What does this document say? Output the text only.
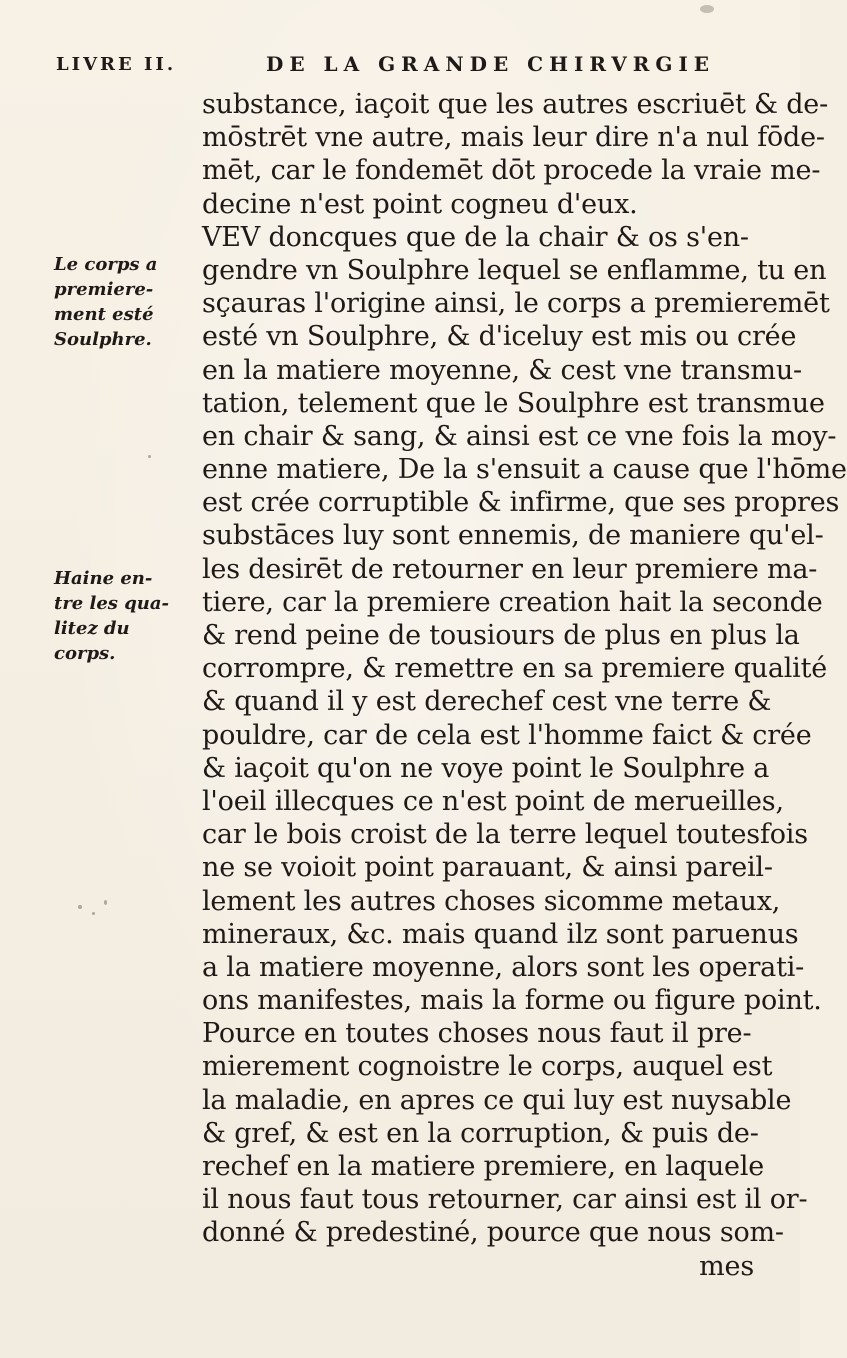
LIVRE II.	DE LA GRANDE CHIRVRGIE
Le corps a
premiere-
ment esté
Soulphre.
Haine en-
tre les qua-
litez du
corps.
substance, iaçoit que les autres escriuēt & de-
mōstrēt vne autre, mais leur dire n'a nul fōde-
mēt, car le fondemēt dōt procede la vraie me-
decine n'est point cogneu d'eux.
VEV doncques que de la chair & os s'en-
gendre vn Soulphre lequel se enflamme, tu en
sçauras l'origine ainsi, le corps a premieremēt
esté vn Soulphre, & d'iceluy est mis ou crée
en la matiere moyenne, & cest vne transmu-
tation, telement que le Soulphre est transmue
en chair & sang, & ainsi est ce vne fois la moy-
enne matiere, De la s'ensuit a cause que l'hōme
est crée corruptible & infirme, que ses propres
substāces luy sont ennemis, de maniere qu'el-
les desirēt de retourner en leur premiere ma-
tiere, car la premiere creation hait la seconde
& rend peine de tousiours de plus en plus la
corrompre, & remettre en sa premiere qualité
& quand il y est derechef cest vne terre &
pouldre, car de cela est l'homme faict & crée
& iaçoit qu'on ne voye point le Soulphre a
l'oeil illecques ce n'est point de merueilles,
car le bois croist de la terre lequel toutesfois
ne se voioit point parauant, & ainsi pareil-
lement les autres choses sicomme metaux,
mineraux, &c. mais quand ilz sont paruenus
a la matiere moyenne, alors sont les operati-
ons manifestes, mais la forme ou figure point.
Pource en toutes choses nous faut il pre-
mierement cognoistre le corps, auquel est
la maladie, en apres ce qui luy est nuysable
& gref, & est en la corruption, & puis de-
rechef en la matiere premiere, en laquele
il nous faut tous retourner, car ainsi est il or-
donné & predestiné, pource que nous som-
mes
